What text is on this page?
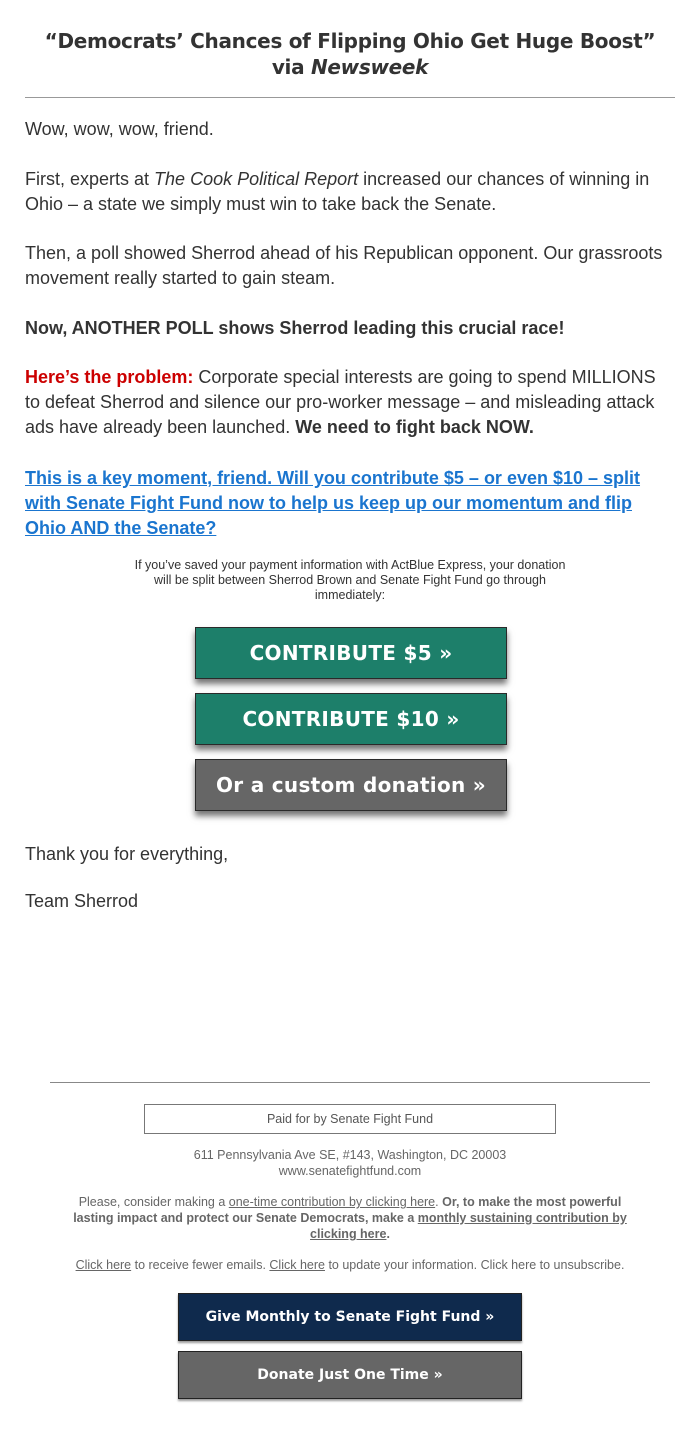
“Democrats’ Chances of Flipping Ohio Get Huge Boost”
via Newsweek
Wow, wow, wow, friend.
First, experts at The Cook Political Report increased our chances of winning in Ohio – a state we simply must win to take back the Senate.
Then, a poll showed Sherrod ahead of his Republican opponent. Our grassroots movement really started to gain steam.
Now, ANOTHER POLL shows Sherrod leading this crucial race!
Here’s the problem: Corporate special interests are going to spend MILLIONS to defeat Sherrod and silence our pro-worker message – and misleading attack ads have already been launched. We need to fight back NOW.
This is a key moment, friend. Will you contribute $5 – or even $10 – split with Senate Fight Fund now to help us keep up our momentum and flip Ohio AND the Senate?
If you’ve saved your payment information with ActBlue Express, your donation will be split between Sherrod Brown and Senate Fight Fund go through immediately:
CONTRIBUTE $5 »
CONTRIBUTE $10 »
Or a custom donation »
Thank you for everything,
Team Sherrod
Paid for by Senate Fight Fund
611 Pennsylvania Ave SE, #143, Washington, DC 20003
www.senatefightfund.com
Please, consider making a one-time contribution by clicking here. Or, to make the most powerful lasting impact and protect our Senate Democrats, make a monthly sustaining contribution by clicking here.
Click here to receive fewer emails. Click here to update your information. Click here to unsubscribe.
Give Monthly to Senate Fight Fund »
Donate Just One Time »
